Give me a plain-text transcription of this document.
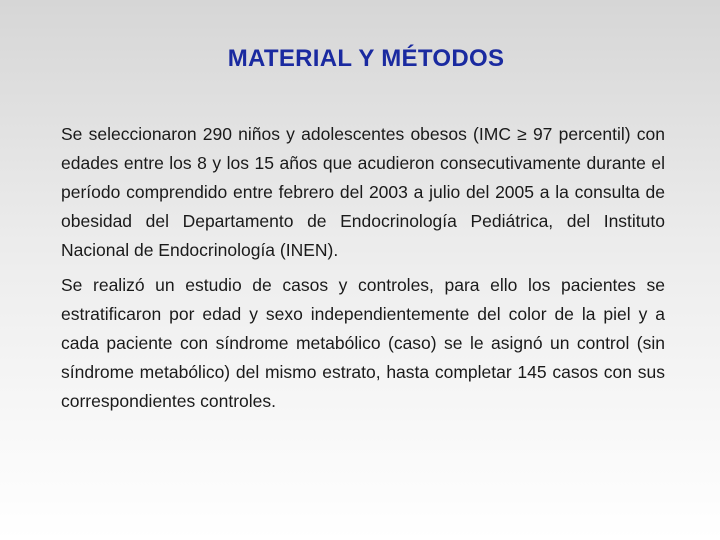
MATERIAL Y MÉTODOS

Se seleccionaron 290 niños y adolescentes obesos (IMC ≥ 97 percentil) con edades entre los 8 y los 15 años que acudieron consecutivamente durante el período comprendido entre febrero del 2003 a julio del 2005 a la consulta de obesidad del Departamento de Endocrinología Pediátrica, del Instituto Nacional de Endocrinología (INEN).

Se realizó un estudio de casos y controles, para ello los pacientes se estratificaron por edad y sexo independientemente del color de la piel y a cada paciente con síndrome metabólico (caso) se le asignó un control (sin síndrome metabólico) del mismo estrato, hasta completar 145 casos con sus correspondientes controles.
